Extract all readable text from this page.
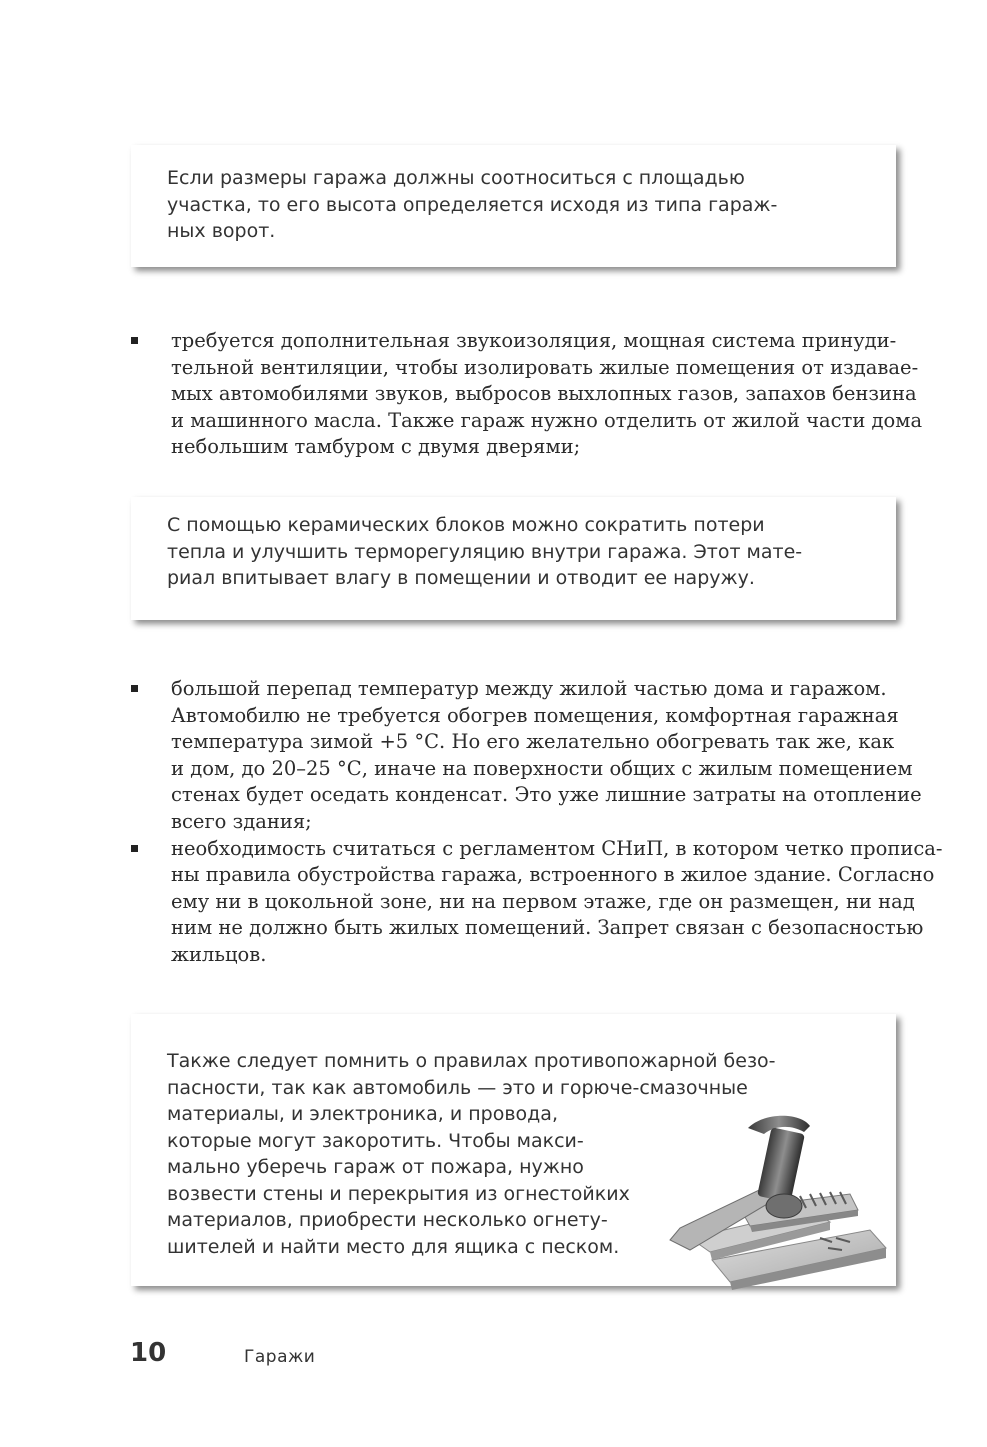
Если размеры гаража должны соотноситься с площадью
участка, то его высота определяется исходя из типа гараж-
ных ворот.

требуется дополнительная звукоизоляция, мощная система принуди-
тельной вентиляции, чтобы изолировать жилые помещения от издавае-
мых автомобилями звуков, выбросов выхлопных газов, запахов бензина
и машинного масла. Также гараж нужно отделить от жилой части дома
небольшим тамбуром с двумя дверями;

С помощью керамических блоков можно сократить потери
тепла и улучшить терморегуляцию внутри гаража. Этот мате-
риал впитывает влагу в помещении и отводит ее наружу.

большой перепад температур между жилой частью дома и гаражом.
Автомобилю не требуется обогрев помещения, комфортная гаражная
температура зимой +5 °С. Но его желательно обогревать так же, как
и дом, до 20–25 °С, иначе на поверхности общих с жилым помещением
стенах будет оседать конденсат. Это уже лишние затраты на отопление
всего здания;
необходимость считаться с регламентом СНиП, в котором четко прописа-
ны правила обустройства гаража, встроенного в жилое здание. Согласно
ему ни в цокольной зоне, ни на первом этаже, где он размещен, ни над
ним не должно быть жилых помещений. Запрет связан с безопасностью
жильцов.

Также следует помнить о правилах противопожарной безо-
пасности, так как автомобиль — это и горюче-смазочные
материалы, и электроника, и провода,
которые могут закоротить. Чтобы макси-
мально уберечь гараж от пожара, нужно
возвести стены и перекрытия из огнестойких
материалов, приобрести несколько огнету-
шителей и найти место для ящика с песком.

10	Гаражи
